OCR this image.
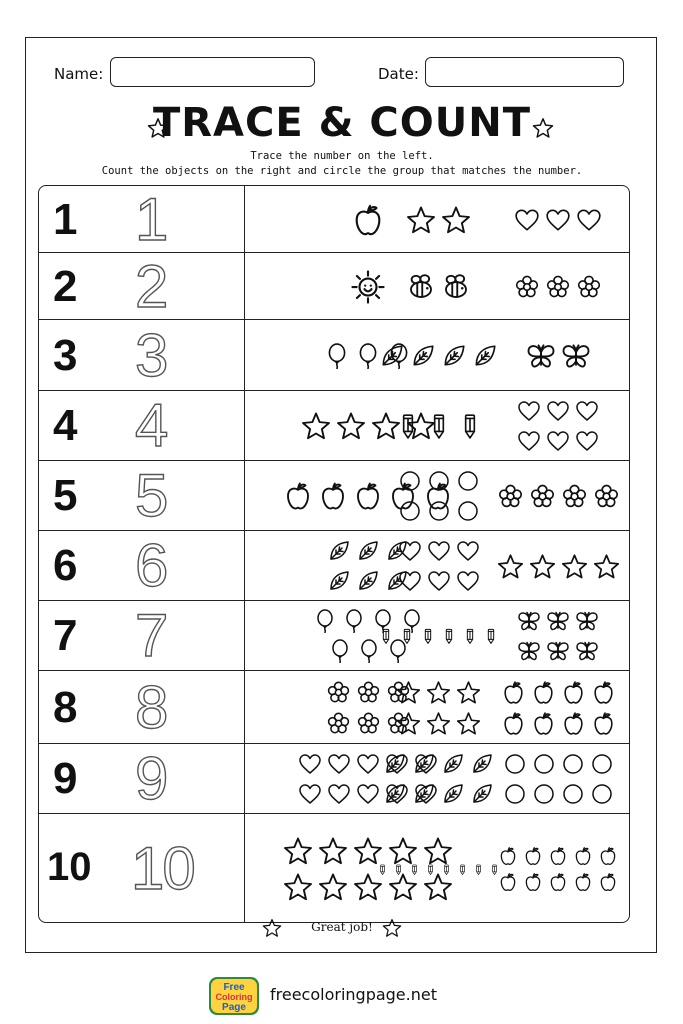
Name:	Date:
TRACE & COUNT
Trace the number on the left.
Count the objects on the right and circle the group that matches the number.
1 1
2 2
3 3
4 4
5 5
6 6
7 7
8 8
9 9
10 10
Great job!
Free
Coloring
Page
freecoloringpage.net
